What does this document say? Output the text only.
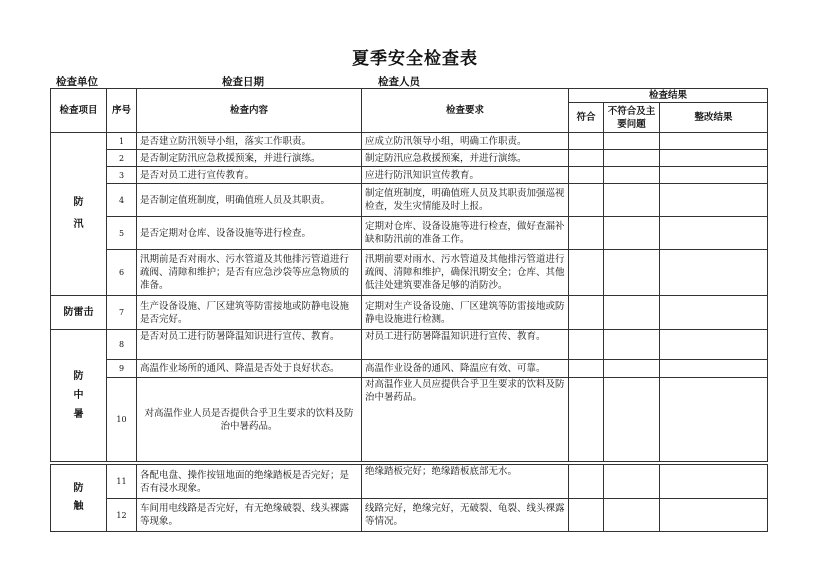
夏季安全检查表
检查单位	检查日期	检查人员
检查项目	序号	检查内容	检查要求	检查结果		
				符合	不符合及主要问题	整改结果
防汛	1	是否建立防汛领导小组，落实工作职责。	应成立防汛领导小组，明确工作职责。			
	2	是否制定防汛应急救援预案，并进行演练。	制定防汛应急救援预案，并进行演练。			
	3	是否对员工进行宣传教育。	应进行防汛知识宣传教育。			
	4	是否制定值班制度，明确值班人员及其职责。	制定值班制度，明确值班人员及其职责加强巡视检查，发生灾情能及时上报。			
	5	是否定期对仓库、设备设施等进行检查。	定期对仓库、设备设施等进行检查，做好查漏补缺和防汛前的准备工作。			
	6	汛期前是否对雨水、污水管道及其他排污管道进行疏阀、清障和维护；是否有应急沙袋等应急物质的准备。	汛期前要对雨水、污水管道及其他排污管道进行疏阀、清障和维护，确保汛期安全；仓库、其他低洼处建筑要准备足够的消防沙。			
防雷击	7	生产设备设施、厂区建筑等防雷接地或防静电设施是否完好。	定期对生产设备设施、厂区建筑等防雷接地或防静电设施进行检测。			
防中暑	8	是否对员工进行防暑降温知识进行宣传、教育。	对员工进行防暑降温知识进行宣传、教育。			
	9	高温作业场所的通风、降温是否处于良好状态。	高温作业设备的通风、降温应有效、可靠。			
	10	对高温作业人员是否提供合乎卫生要求的饮料及防治中暑药品。	对高温作业人员应提供合乎卫生要求的饮料及防治中暑药品。			
防触	11	各配电盘、操作按钮地面的绝缘踏板是否完好；是否有浸水现象。	绝缘踏板完好；绝缘踏板底部无水。			
	12	车间用电线路是否完好，有无绝缘破裂、线头裸露等现象。	线路完好，绝缘完好，无破裂、龟裂、线头裸露等情况。			
